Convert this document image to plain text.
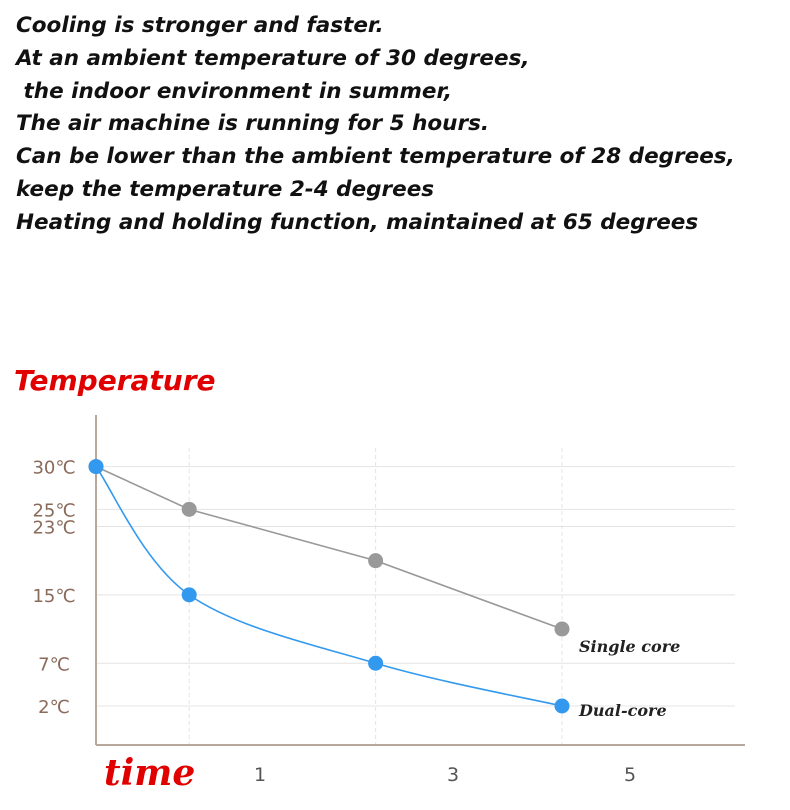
Cooling is stronger and faster.
At an ambient temperature of 30 degrees,
the indoor environment in summer,
The air machine is running for 5 hours.
Can be lower than the ambient temperature of 28 degrees,
keep the temperature 2-4 degrees
Heating and holding function, maintained at 65 degrees
Temperature
time
30℃
25℃
23℃
15℃
7℃
2℃
1	3	5
Single core
Dual-core
